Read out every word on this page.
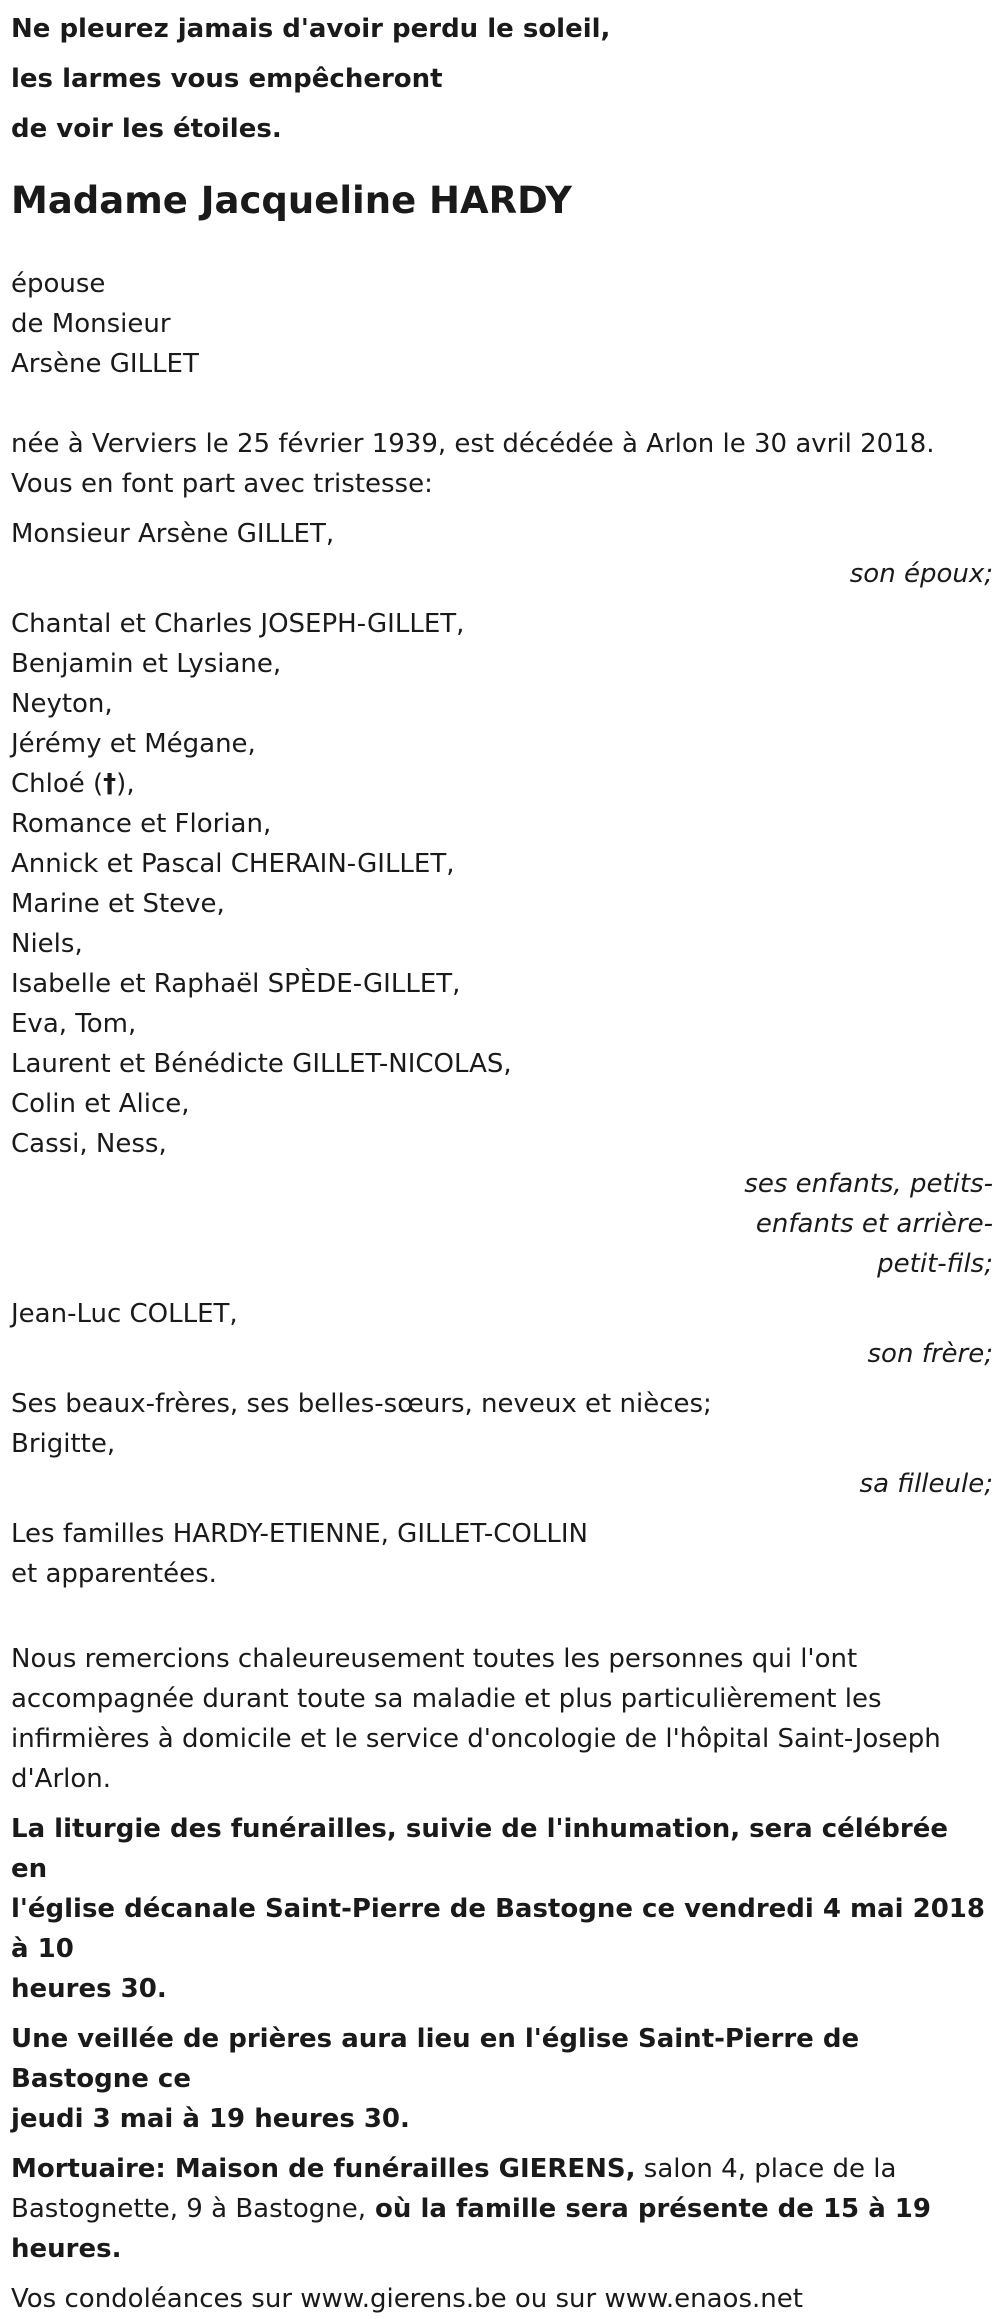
Ne pleurez jamais d'avoir perdu le soleil,
les larmes vous empêcheront
de voir les étoiles.
Madame Jacqueline HARDY
épouse
de Monsieur
Arsène GILLET
née à Verviers le 25 février 1939, est décédée à Arlon le 30 avril 2018.
Vous en font part avec tristesse:
Monsieur Arsène GILLET,
son époux;
Chantal et Charles JOSEPH-GILLET,
Benjamin et Lysiane,
Neyton,
Jérémy et Mégane,
Chloé (†),
Romance et Florian,
Annick et Pascal CHERAIN-GILLET,
Marine et Steve,
Niels,
Isabelle et Raphaël SPÈDE-GILLET,
Eva, Tom,
Laurent et Bénédicte GILLET-NICOLAS,
Colin et Alice,
Cassi, Ness,
ses enfants, petits-
enfants et arrière-
petit-fils;
Jean-Luc COLLET,
son frère;
Ses beaux-frères, ses belles-sœurs, neveux et nièces;
Brigitte,
sa filleule;
Les familles HARDY-ETIENNE, GILLET-COLLIN
et apparentées.
Nous remercions chaleureusement toutes les personnes qui l'ont
accompagnée durant toute sa maladie et plus particulièrement les
infirmières à domicile et le service d'oncologie de l'hôpital Saint-Joseph
d'Arlon.
La liturgie des funérailles, suivie de l'inhumation, sera célébrée en
l'église décanale Saint-Pierre de Bastogne ce vendredi 4 mai 2018 à 10
heures 30.
Une veillée de prières aura lieu en l'église Saint-Pierre de Bastogne ce
jeudi 3 mai à 19 heures 30.
Mortuaire: Maison de funérailles GIERENS, salon 4, place de la
Bastognette, 9 à Bastogne, où la famille sera présente de 15 à 19
heures.
Vos condoléances sur www.gierens.be ou sur www.enaos.net
